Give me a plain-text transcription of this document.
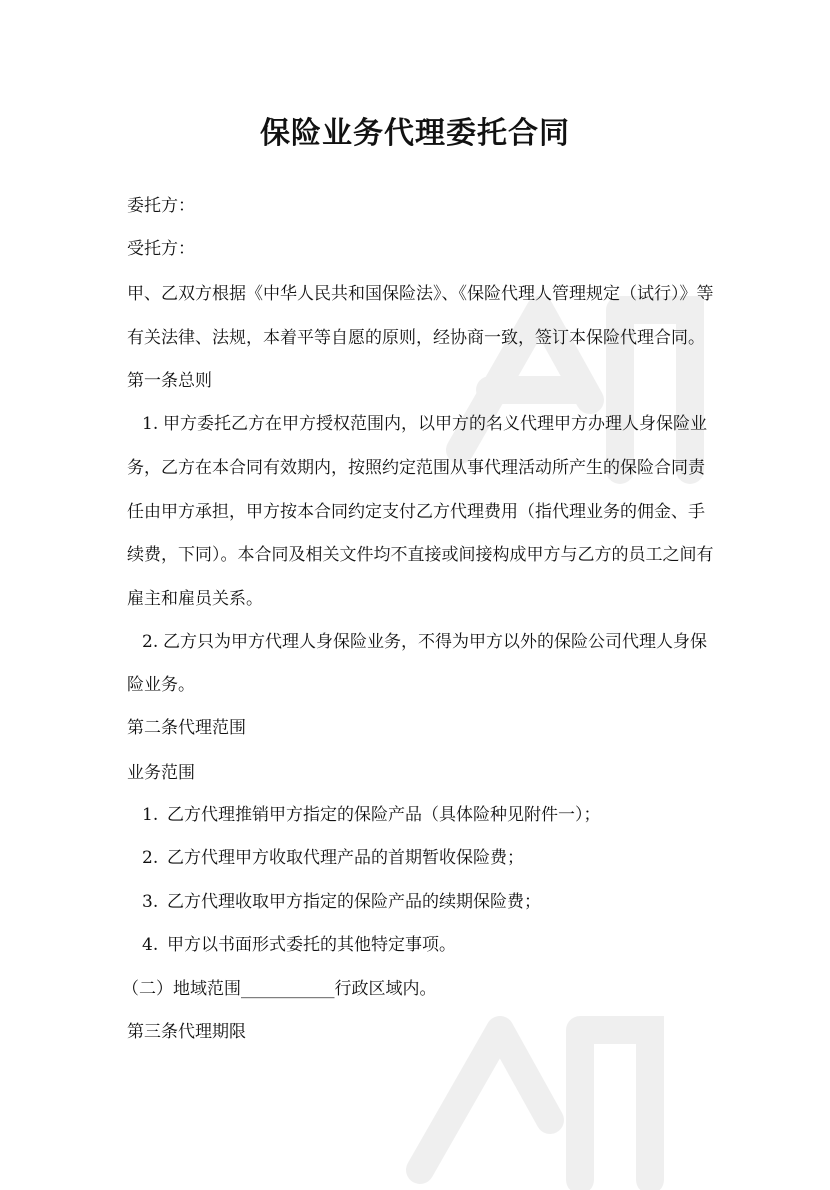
保险业务代理委托合同
委托方：
受托方：
甲、乙双方根据《中华人民共和国保险法》、《保险代理人管理规定（试行）》等
有关法律、法规，本着平等自愿的原则，经协商一致，签订本保险代理合同。
第一条总则
1. 甲方委托乙方在甲方授权范围内，以甲方的名义代理甲方办理人身保险业
务，乙方在本合同有效期内，按照约定范围从事代理活动所产生的保险合同责
任由甲方承担，甲方按本合同约定支付乙方代理费用（指代理业务的佣金、手
续费，下同）。本合同及相关文件均不直接或间接构成甲方与乙方的员工之间有
雇主和雇员关系。
2. 乙方只为甲方代理人身保险业务，不得为甲方以外的保险公司代理人身保
险业务。
第二条代理范围
业务范围
1. 乙方代理推销甲方指定的保险产品（具体险种见附件一）；
2. 乙方代理甲方收取代理产品的首期暂收保险费；
3. 乙方代理收取甲方指定的保险产品的续期保险费；
4. 甲方以书面形式委托的其他特定事项。
（二）地域范围___________行政区域内。
第三条代理期限
